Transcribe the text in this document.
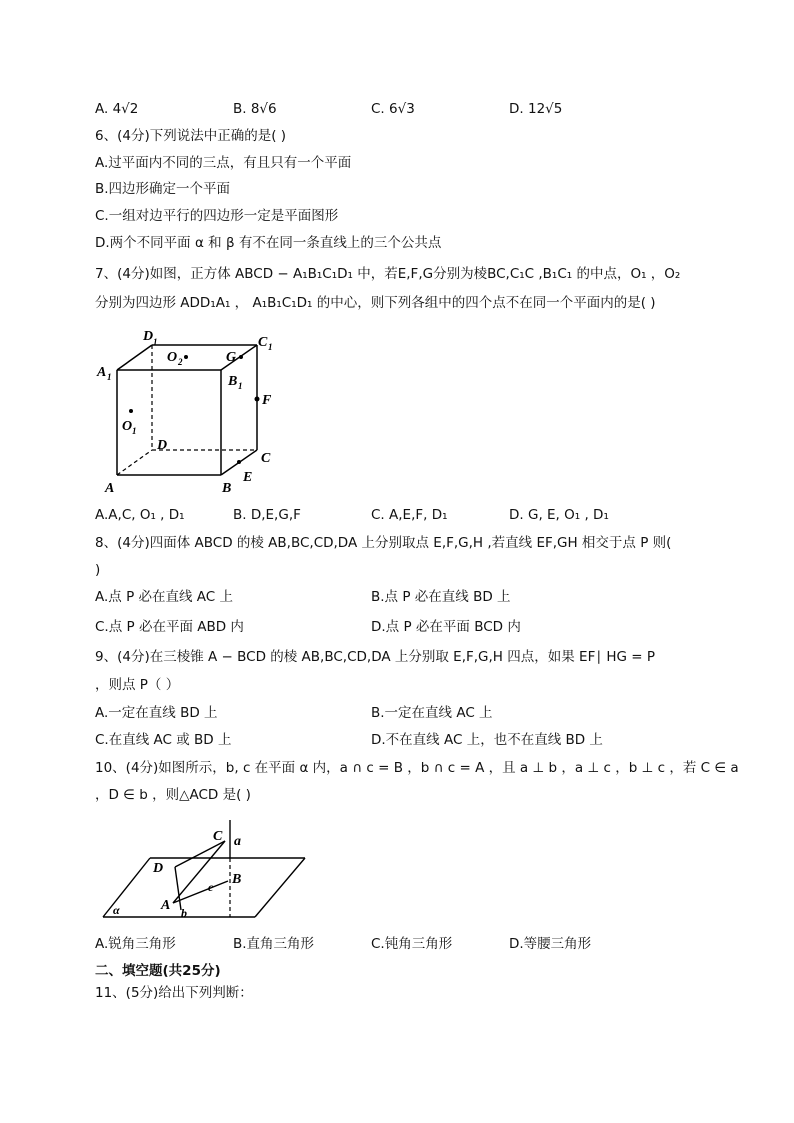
A. 4√2	B. 8√6	C. 6√3	D. 12√5
6、(4分)下列说法中正确的是( )
A.过平面内不同的三点，有且只有一个平面
B.四边形确定一个平面
C.一组对边平行的四边形一定是平面图形
D.两个不同平面 α 和 β 有不在同一条直线上的三个公共点
7、(4分)如图，正方体 ABCD − A₁B₁C₁D₁ 中，若E,F,G分别为棱BC,C₁C ,B₁C₁ 的中点，O₁ ，O₂
分别为四边形 ADD₁A₁ ， A₁B₁C₁D₁ 的中心，则下列各组中的四个点不在同一个平面内的是( )
D 1
O 2	G
C 1
A 1	B 1
F
O 1
D
C
E
A	B
A.A,C, O₁ , D₁	B. D,E,G,F	C. A,E,F, D₁	D. G, E, O₁ , D₁
8、(4分)四面体 ABCD 的棱 AB,BC,CD,DA 上分别取点 E,F,G,H ,若直线 EF,GH 相交于点 P 则(
)
A.点 P 必在直线 AC 上	B.点 P 必在直线 BD 上
C.点 P 必在平面 ABD 内	D.点 P 必在平面 BCD 内
9、(4分)在三棱锥 A − BCD 的棱 AB,BC,CD,DA 上分别取 E,F,G,H 四点，如果 EF∣ HG = P
，则点 P（ ）
A.一定在直线 BD 上	B.一定在直线 AC 上
C.在直线 AC 或 BD 上	D.不在直线 AC 上，也不在直线 BD 上
10、(4分)如图所示，b, c 在平面 α 内，a ∩ c = B ，b ∩ c = A ，且 a ⊥ b ，a ⊥ c ，b ⊥ c ，若 C ∈ a
，D ∈ b ，则△ACD 是( )
C a
D
B
c
A b
α
A.锐角三角形	B.直角三角形	C.钝角三角形	D.等腰三角形
二、填空题(共25分)
11、(5分)给出下列判断：
